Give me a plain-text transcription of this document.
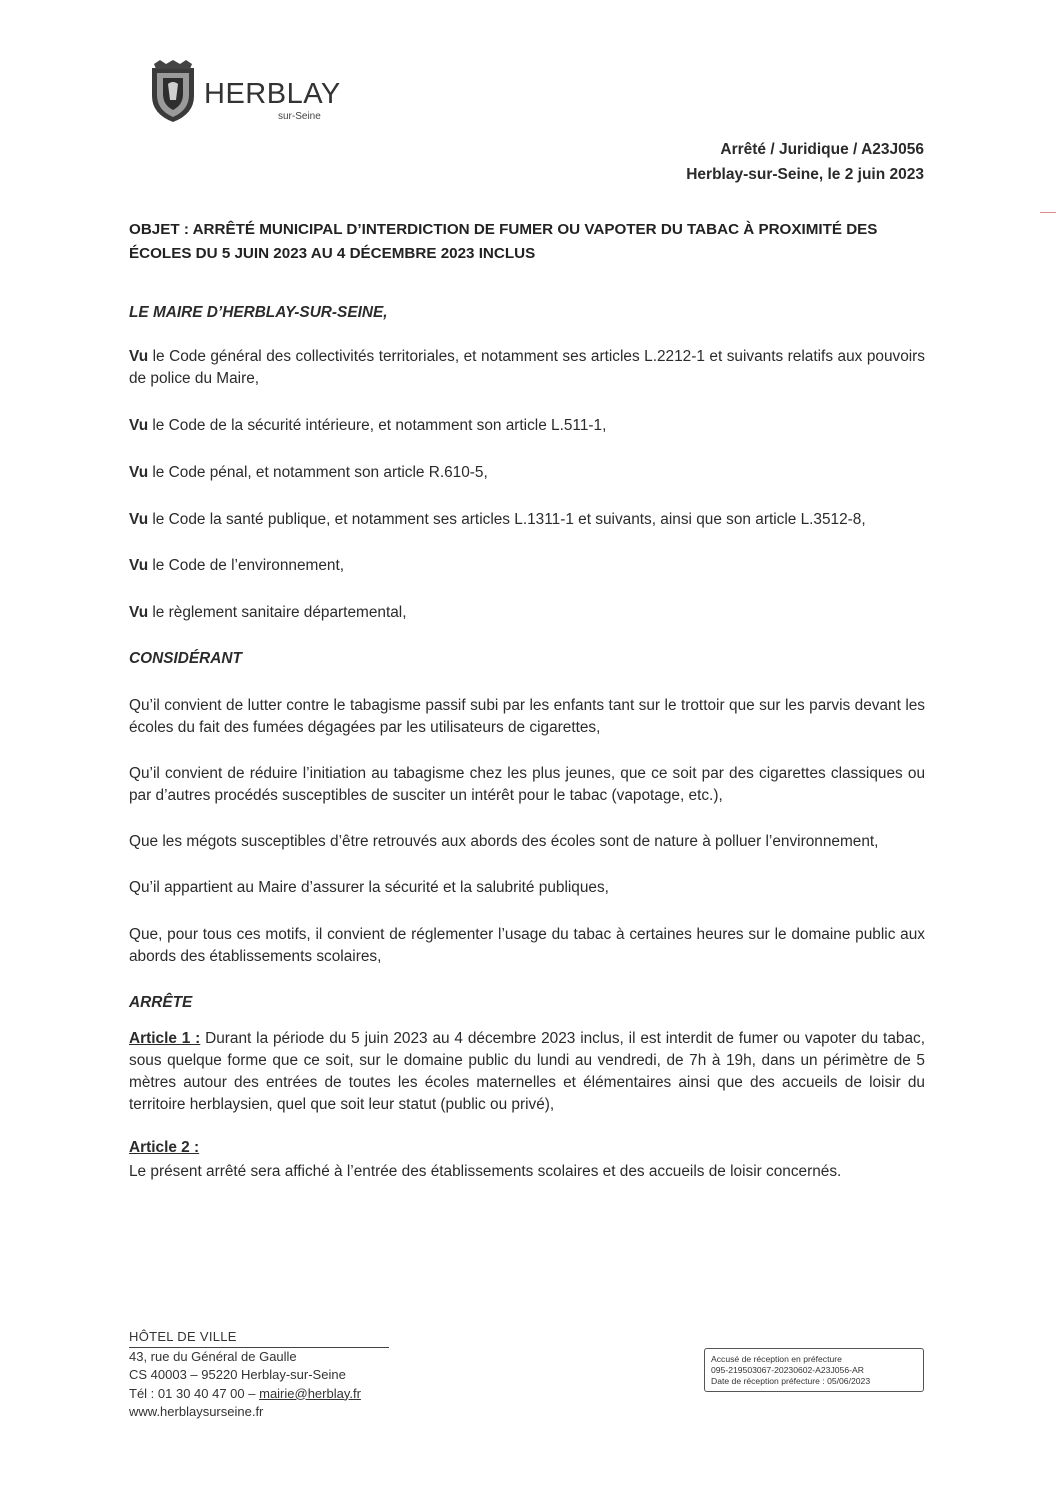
HERBLAY
sur-Seine
Arrêté / Juridique / A23J056
Herblay-sur-Seine, le 2 juin 2023
OBJET : ARRÊTÉ MUNICIPAL D’INTERDICTION DE FUMER OU VAPOTER DU TABAC À PROXIMITÉ DES ÉCOLES DU 5 JUIN 2023 AU 4 DÉCEMBRE 2023 INCLUS

LE MAIRE D’HERBLAY-SUR-SEINE,

Vu le Code général des collectivités territoriales, et notamment ses articles L.2212-1 et suivants relatifs aux pouvoirs de police du Maire,

Vu le Code de la sécurité intérieure, et notamment son article L.511-1,

Vu le Code pénal, et notamment son article R.610-5,

Vu le Code la santé publique, et notamment ses articles L.1311-1 et suivants, ainsi que son article L.3512-8,

Vu le Code de l’environnement,

Vu le règlement sanitaire départemental,

CONSIDÉRANT

Qu’il convient de lutter contre le tabagisme passif subi par les enfants tant sur le trottoir que sur les parvis devant les écoles du fait des fumées dégagées par les utilisateurs de cigarettes,

Qu’il convient de réduire l’initiation au tabagisme chez les plus jeunes, que ce soit par des cigarettes classiques ou par d’autres procédés susceptibles de susciter un intérêt pour le tabac (vapotage, etc.),

Que les mégots susceptibles d’être retrouvés aux abords des écoles sont de nature à polluer l’environnement,

Qu’il appartient au Maire d’assurer la sécurité et la salubrité publiques,

Que, pour tous ces motifs, il convient de réglementer l’usage du tabac à certaines heures sur le domaine public aux abords des établissements scolaires,

ARRÊTE

Article 1 : Durant la période du 5 juin 2023 au 4 décembre 2023 inclus, il est interdit de fumer ou vapoter du tabac, sous quelque forme que ce soit, sur le domaine public du lundi au vendredi, de 7h à 19h, dans un périmètre de 5 mètres autour des entrées de toutes les écoles maternelles et élémentaires ainsi que des accueils de loisir du territoire herblaysien, quel que soit leur statut (public ou privé),

Article 2 :

Le présent arrêté sera affiché à l’entrée des établissements scolaires et des accueils de loisir concernés.

HÔTEL DE VILLE
43, rue du Général de Gaulle
CS 40003 – 95220 Herblay-sur-Seine
Tél : 01 30 40 47 00 – mairie@herblay.fr
www.herblaysurseine.fr
Accusé de réception en préfecture
095-219503067-20230602-A23J056-AR
Date de réception préfecture : 05/06/2023
